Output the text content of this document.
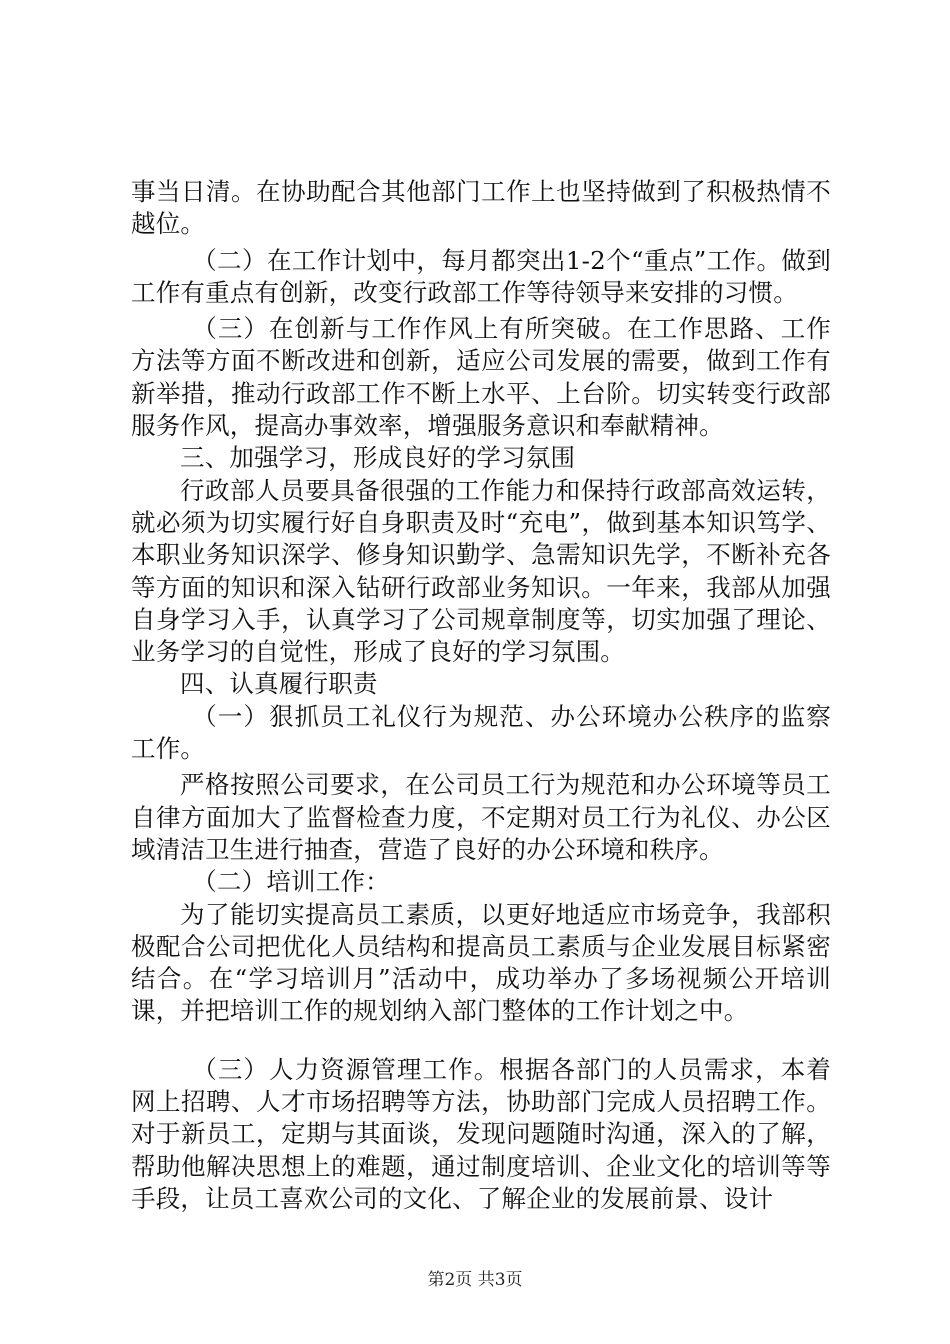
事当日清。在协助配合其他部门工作上也坚持做到了积极热情不越位。

（二）在工作计划中，每月都突出1-2个“重点”工作。做到工作有重点有创新，改变行政部工作等待领导来安排的习惯。

（三）在创新与工作作风上有所突破。在工作思路、工作方法等方面不断改进和创新，适应公司发展的需要，做到工作有新举措，推动行政部工作不断上水平、上台阶。切实转变行政部服务作风，提高办事效率，增强服务意识和奉献精神。

三、加强学习，形成良好的学习氛围

行政部人员要具备很强的工作能力和保持行政部高效运转，就必须为切实履行好自身职责及时“充电”，做到基本知识笃学、本职业务知识深学、修身知识勤学、急需知识先学，不断补充各等方面的知识和深入钻研行政部业务知识。一年来，我部从加强自身学习入手，认真学习了公司规章制度等，切实加强了理论、业务学习的自觉性，形成了良好的学习氛围。

四、认真履行职责

（一）狠抓员工礼仪行为规范、办公环境办公秩序的监察工作。

严格按照公司要求，在公司员工行为规范和办公环境等员工自律方面加大了监督检查力度，不定期对员工行为礼仪、办公区域清洁卫生进行抽查，营造了良好的办公环境和秩序。

（二）培训工作：

为了能切实提高员工素质，以更好地适应市场竞争，我部积极配合公司把优化人员结构和提高员工素质与企业发展目标紧密结合。在“学习培训月”活动中，成功举办了多场视频公开培训课，并把培训工作的规划纳入部门整体的工作计划之中。

（三）人力资源管理工作。根据各部门的人员需求，本着网上招聘、人才市场招聘等方法，协助部门完成人员招聘工作。对于新员工，定期与其面谈，发现问题随时沟通，深入的了解，帮助他解决思想上的难题，通过制度培训、企业文化的培训等等手段，让员工喜欢公司的文化、了解企业的发展前景、设计

第2页 共3页
